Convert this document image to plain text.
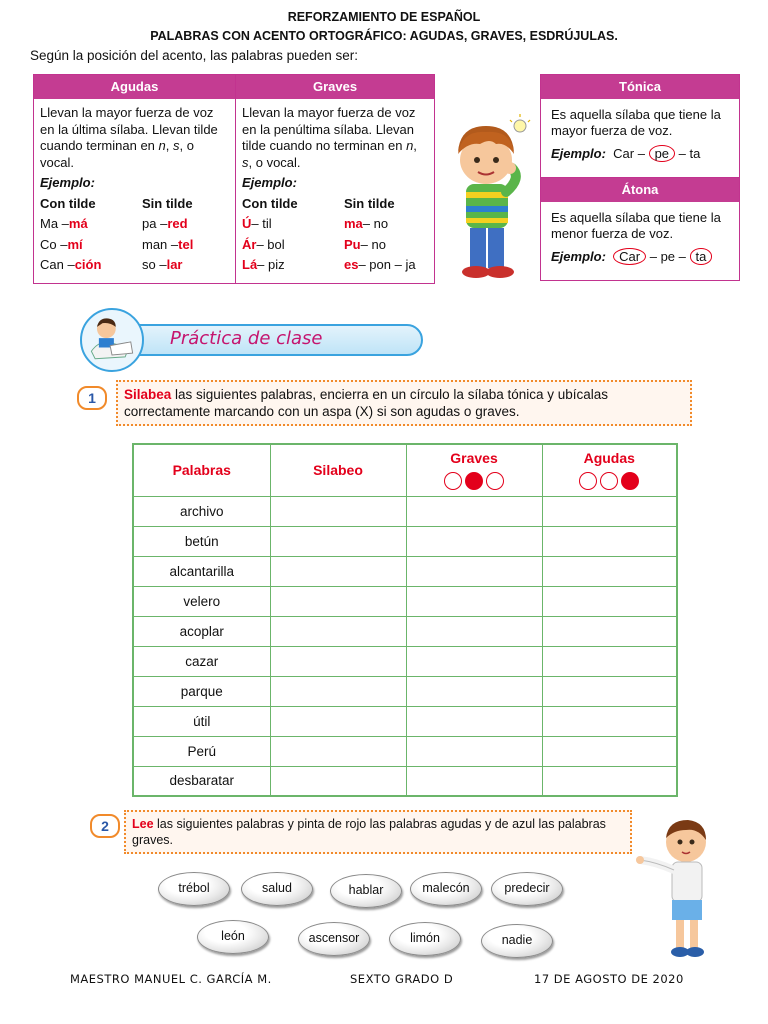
REFORZAMIENTO DE ESPAÑOL
PALABRAS CON ACENTO ORTOGRÁFICO: AGUDAS, GRAVES, ESDRÚJULAS.
Según la posición del acento, las palabras pueden ser:
Agudas
Llevan la mayor fuerza de voz en la última sílaba. Llevan tilde cuando terminan en n, s, o vocal.
Ejemplo:
Con tilde	Sin tilde
Ma –má	pa –red
Co –mí	man –tel
Can –ción	so –lar
Graves
Llevan la mayor fuerza de voz en la penúltima sílaba. Llevan tilde cuando no terminan en n, s, o vocal.
Ejemplo:
Con tilde	Sin tilde
Ú– til	ma– no
Ár– bol	Pu– no
Lá– piz	es– pon – ja
Tónica
Es aquella sílaba que tiene la mayor fuerza de voz.
Ejemplo: Car – pe – ta
Átona
Es aquella sílaba que tiene la menor fuerza de voz.
Ejemplo: Car – pe – ta
Práctica de clase
1	Silabea las siguientes palabras, encierra en un círculo la sílaba tónica y ubícalas correctamente marcando con un aspa (X) si son agudas o graves.
Palabras	Silabeo	Graves	Agudas

archivo			
betún			
alcantarilla			
velero			
acoplar			
cazar			
parque			
útil			
Perú			
desbaratar			
2	Lee las siguientes palabras y pinta de rojo las palabras agudas y de azul las palabras graves.
trébol	salud	hablar	malecón	predecir
león	ascensor	limón	nadie
MAESTRO MANUEL C. GARCÍA M.	SEXTO GRADO D	17 DE AGOSTO DE 2020
